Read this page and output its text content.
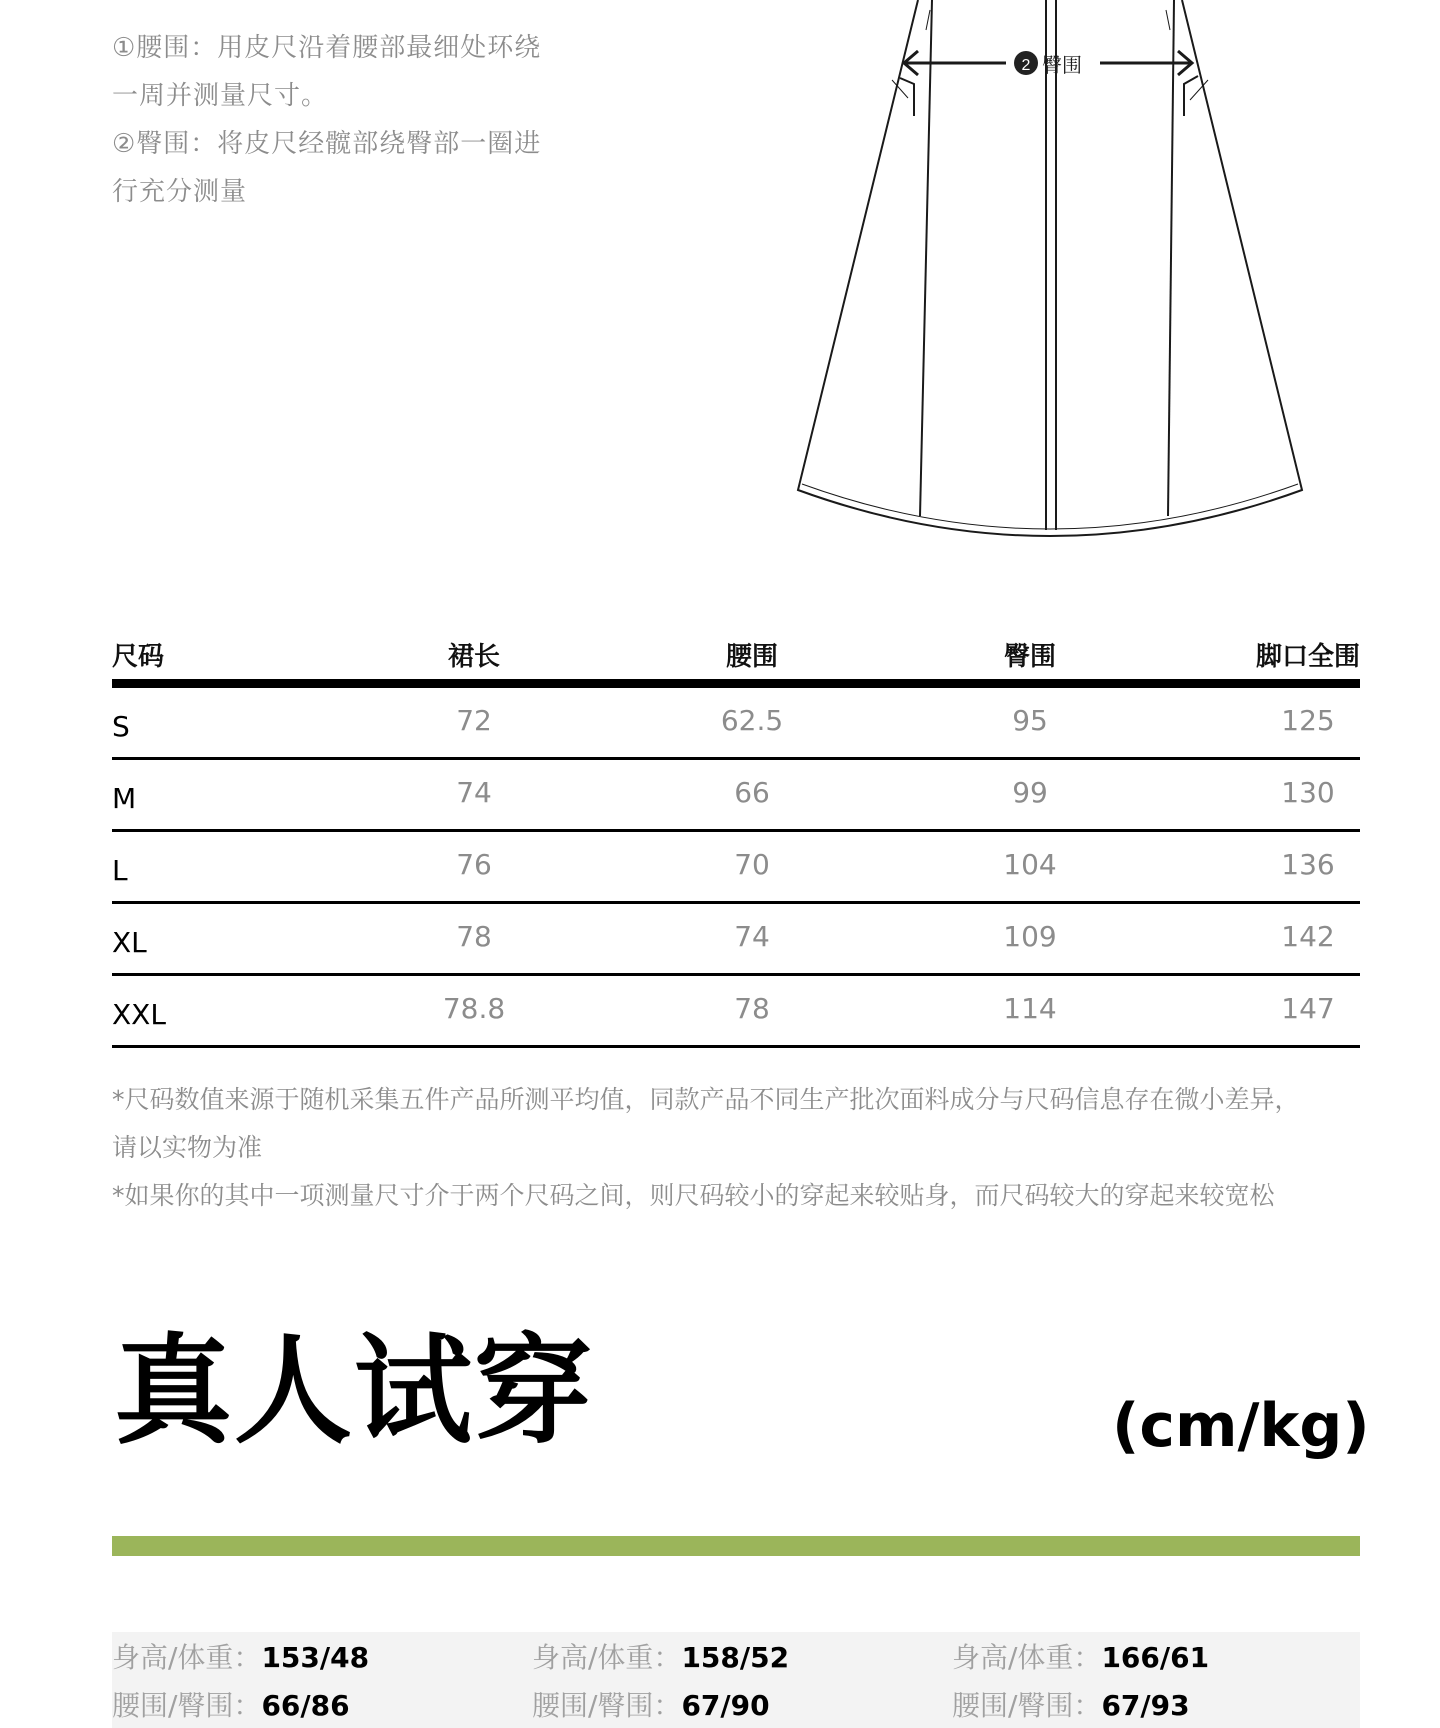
①腰围：用皮尺沿着腰部最细处环绕

一周并测量尺寸。

②臀围：将皮尺经髋部绕臀部一圈进

行充分测量

2 臀围
尺码	裙长	腰围	臀围	脚口全围
S	72	62.5	95	125
M	74	66	99	130
L	76	70	104	136
XL	78	74	109	142
XXL	78.8	78	114	147

*尺码数值来源于随机采集五件产品所测平均值，同款产品不同生产批次面料成分与尺码信息存在微小差异，

请以实物为准

*如果你的其中一项测量尺寸介于两个尺码之间，则尺码较小的穿起来较贴身，而尺码较大的穿起来较宽松

真人试穿	(cm/kg)
身高/体重：153/48
腰围/臀围：66/86
身高/体重：158/52
腰围/臀围：67/90
身高/体重：166/61
腰围/臀围：67/93
